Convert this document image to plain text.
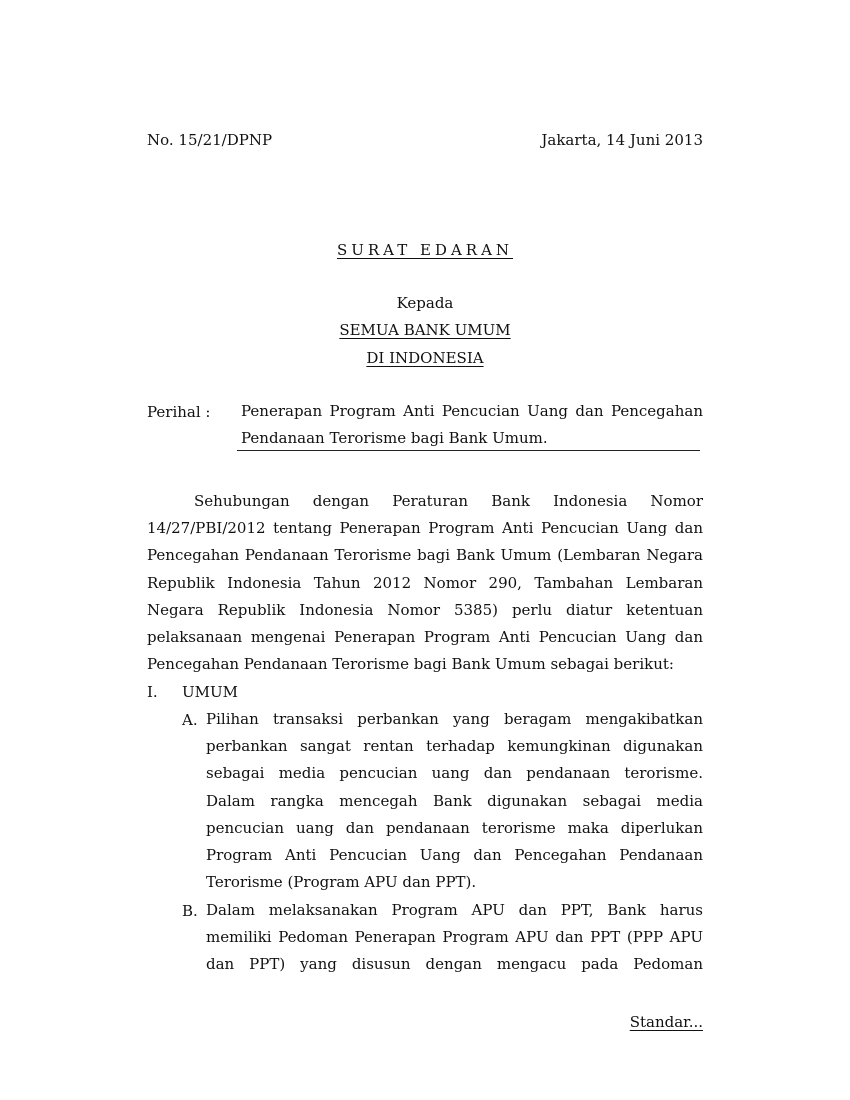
No. 15/21/DPNP	Jakarta, 14 Juni 2013
SURAT EDARAN
Kepada
SEMUA BANK UMUM
DI INDONESIA
Perihal : Penerapan Program Anti Pencucian Uang dan Pencegahan
Pendanaan Terorisme bagi Bank Umum.
Sehubungan dengan Peraturan Bank Indonesia Nomor
14/27/PBI/2012 tentang Penerapan Program Anti Pencucian Uang dan
Pencegahan Pendanaan Terorisme bagi Bank Umum (Lembaran Negara
Republik Indonesia Tahun 2012 Nomor 290, Tambahan Lembaran
Negara Republik Indonesia Nomor 5385) perlu diatur ketentuan
pelaksanaan mengenai Penerapan Program Anti Pencucian Uang dan
Pencegahan Pendanaan Terorisme bagi Bank Umum sebagai berikut:
I. UMUM
A. Pilihan transaksi perbankan yang beragam mengakibatkan
perbankan sangat rentan terhadap kemungkinan digunakan
sebagai media pencucian uang dan pendanaan terorisme.
Dalam rangka mencegah Bank digunakan sebagai media
pencucian uang dan pendanaan terorisme maka diperlukan
Program Anti Pencucian Uang dan Pencegahan Pendanaan
Terorisme (Program APU dan PPT).
B. Dalam melaksanakan Program APU dan PPT, Bank harus
memiliki Pedoman Penerapan Program APU dan PPT (PPP APU
dan PPT) yang disusun dengan mengacu pada Pedoman
Standar...
